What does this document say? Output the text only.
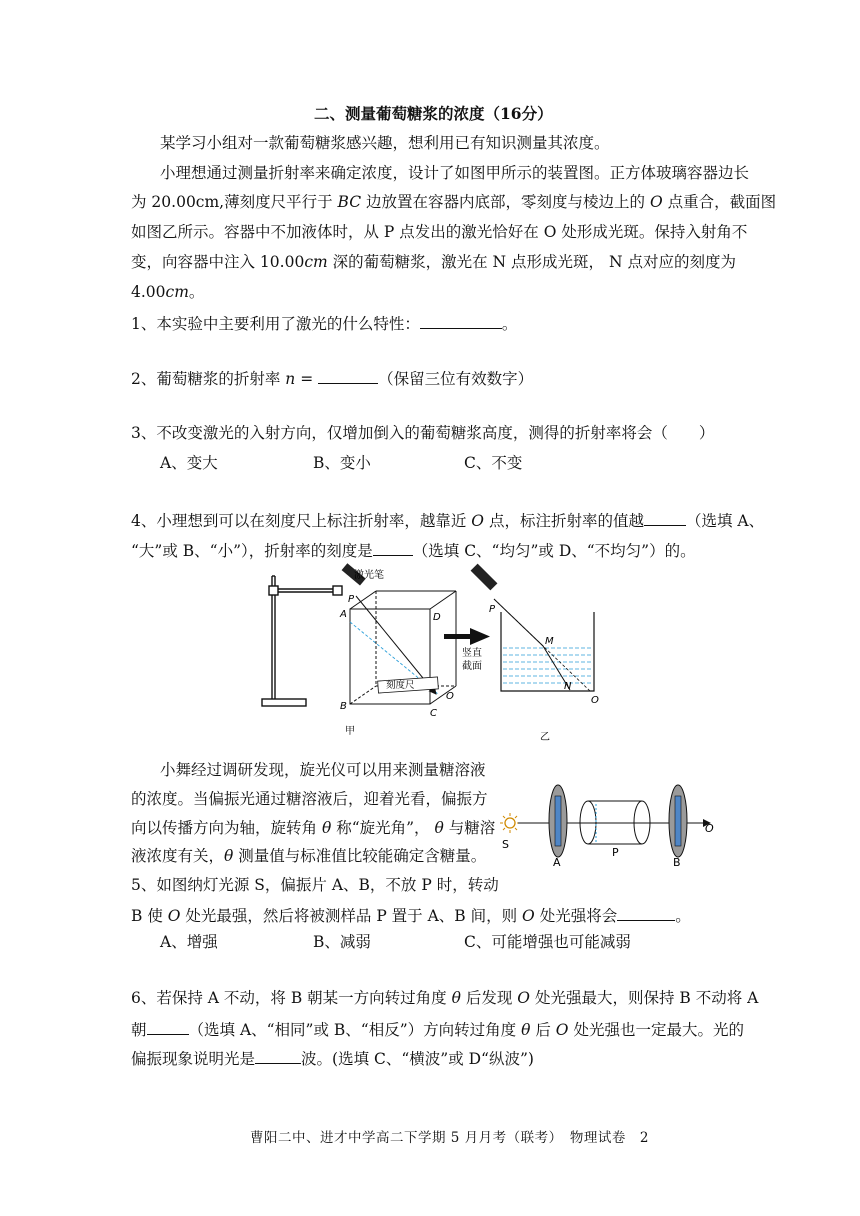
二、测量葡萄糖浆的浓度（16分）
某学习小组对一款葡萄糖浆感兴趣，想利用已有知识测量其浓度。
小理想通过测量折射率来确定浓度，设计了如图甲所示的装置图。正方体玻璃容器边长
为 20.00cm,薄刻度尺平行于 BC 边放置在容器内底部，零刻度与棱边上的 O 点重合，截面图
如图乙所示。容器中不加液体时，从 P 点发出的激光恰好在 O 处形成光斑。保持入射角不
变，向容器中注入 10.00cm 深的葡萄糖浆，激光在 N 点形成光斑， N 点对应的刻度为
4.00cm。
1、本实验中主要利用了激光的什么特性：	。
2、葡萄糖浆的折射率 n =	（保留三位有效数字）
3、不改变激光的入射方向，仅增加倒入的葡萄糖浆高度，测得的折射率将会（　　）
A、变大	B、变小	C、不变
4、小理想到可以在刻度尺上标注折射率，越靠近 O 点，标注折射率的值越	（选填 A、
“大”或 B、“小”），折射率的刻度是	（选填 C、“均匀”或 D、“不均匀”）的。
激光笔
刻度尺
P
A	D
B
C
O
竖直
截面
P
M
N
O
甲
乙
小舞经过调研发现，旋光仪可以用来测量糖溶液
的浓度。当偏振光通过糖溶液后，迎着光看，偏振方
向以传播方向为轴，旋转角 θ 称“旋光角”， θ 与糖溶
液浓度有关，θ 测量值与标准值比较能确定含糖量。
S
A
P
B
O
5、如图纳灯光源 S，偏振片 A、B，不放 P 时，转动
B 使 O 处光最强，然后将被测样品 P 置于 A、B 间，则 O 处光强将会	。
A、增强	B、减弱	C、可能增强也可能减弱
6、若保持 A 不动，将 B 朝某一方向转过角度 θ 后发现 O 处光强最大，则保持 B 不动将 A
朝	（选填 A、“相同”或 B、“相反”）方向转过角度 θ 后 O 处光强也一定最大。光的
偏振现象说明光是	波。(选填 C、“横波”或 D“纵波”)
曹阳二中、进才中学高二下学期 5 月月考（联考）　物理试卷　2
